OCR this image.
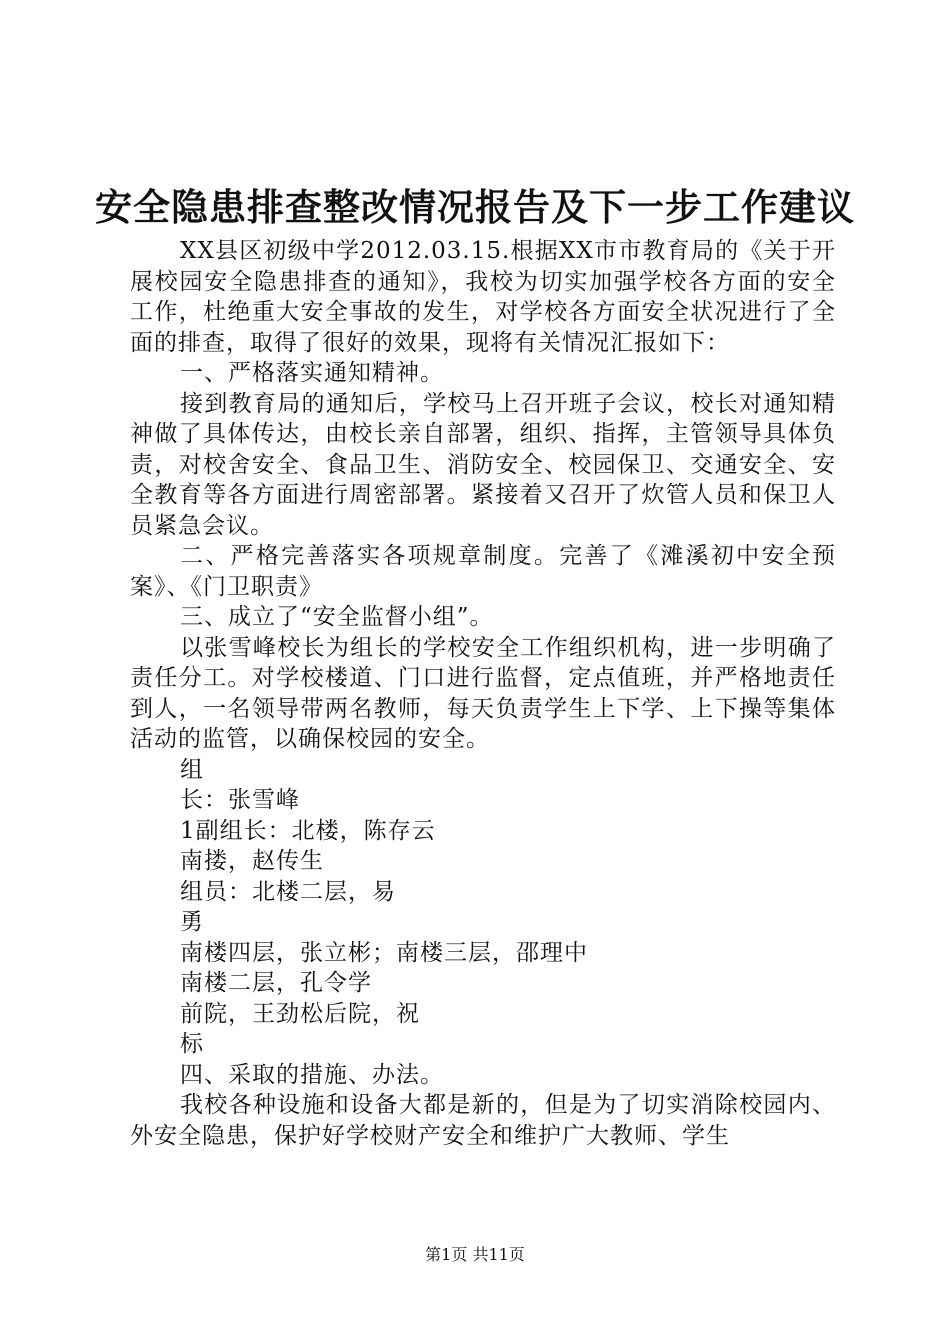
安全隐患排查整改情况报告及下一步工作建议

XX县区初级中学2012.03.15.根据XX市市教育局的《关于开展校园安全隐患排查的通知》，我校为切实加强学校各方面的安全工作，杜绝重大安全事故的发生，对学校各方面安全状况进行了全面的排查，取得了很好的效果，现将有关情况汇报如下：

一、严格落实通知精神。

接到教育局的通知后，学校马上召开班子会议，校长对通知精神做了具体传达，由校长亲自部署，组织、指挥，主管领导具体负责，对校舍安全、食品卫生、消防安全、校园保卫、交通安全、安全教育等各方面进行周密部署。紧接着又召开了炊管人员和保卫人员紧急会议。

二、严格完善落实各项规章制度。完善了《滩溪初中安全预案》、《门卫职责》

三、成立了“安全监督小组”。

以张雪峰校长为组长的学校安全工作组织机构，进一步明确了责任分工。对学校楼道、门口进行监督，定点值班，并严格地责任到人，一名领导带两名教师，每天负责学生上下学、上下操等集体活动的监管，以确保校园的安全。

组

长：张雪峰

1副组长：北楼，陈存云

南搂，赵传生

组员：北楼二层，易

勇

南楼四层，张立彬；南楼三层，邵理中

南楼二层，孔令学

前院，王劲松后院，祝

标

四、采取的措施、办法。

我校各种设施和设备大都是新的，但是为了切实消除校园内、外安全隐患，保护好学校财产安全和维护广大教师、学生

第1页 共11页
